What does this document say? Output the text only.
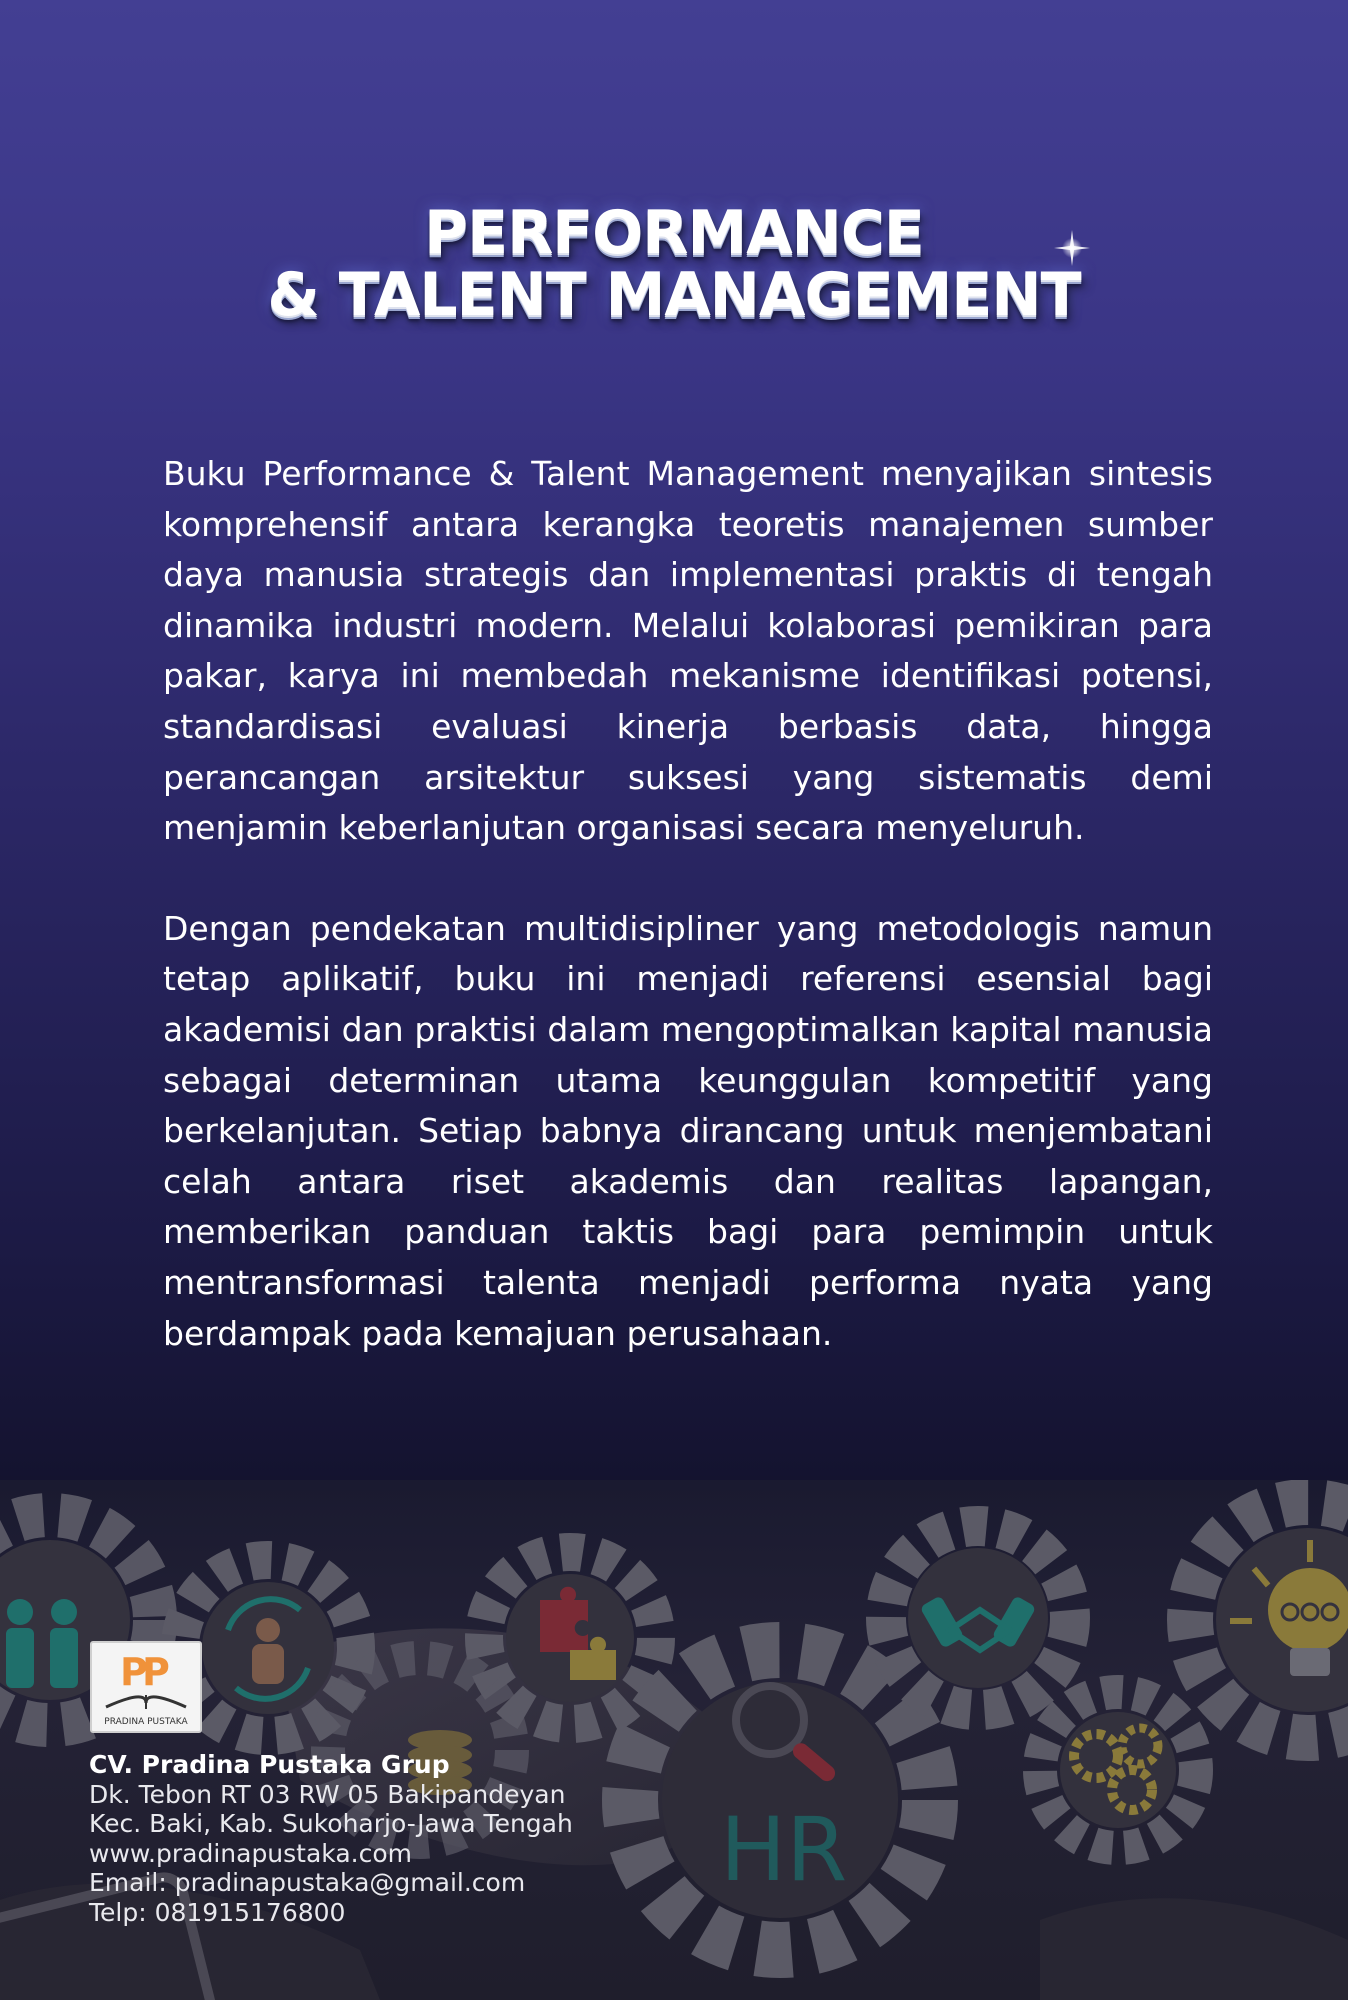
PERFORMANCE
& TALENT MANAGEMENT

Buku Performance & Talent Management menyajikan sintesis komprehensif antara kerangka teoretis manajemen sumber daya manusia strategis dan implementasi praktis di tengah dinamika industri modern. Melalui kolaborasi pemikiran para pakar, karya ini membedah mekanisme identifikasi potensi, standardisasi evaluasi kinerja berbasis data, hingga perancangan arsitektur suksesi yang sistematis demi menjamin keberlanjutan organisasi secara menyeluruh.

Dengan pendekatan multidisipliner yang metodologis namun tetap aplikatif, buku ini menjadi referensi esensial bagi akademisi dan praktisi dalam mengoptimalkan kapital manusia sebagai determinan utama keunggulan kompetitif yang berkelanjutan. Setiap babnya dirancang untuk menjembatani celah antara riset akademis dan realitas lapangan, memberikan panduan taktis bagi para pemimpin untuk mentransformasi talenta menjadi performa nyata yang berdampak pada kemajuan perusahaan.

HR
P
P
PRADINA PUSTAKA
CV. Pradina Pustaka Grup
Dk. Tebon RT 03 RW 05 Bakipandeyan
Kec. Baki, Kab. Sukoharjo-Jawa Tengah
www.pradinapustaka.com
Email: pradinapustaka@gmail.com
Telp: 081915176800
